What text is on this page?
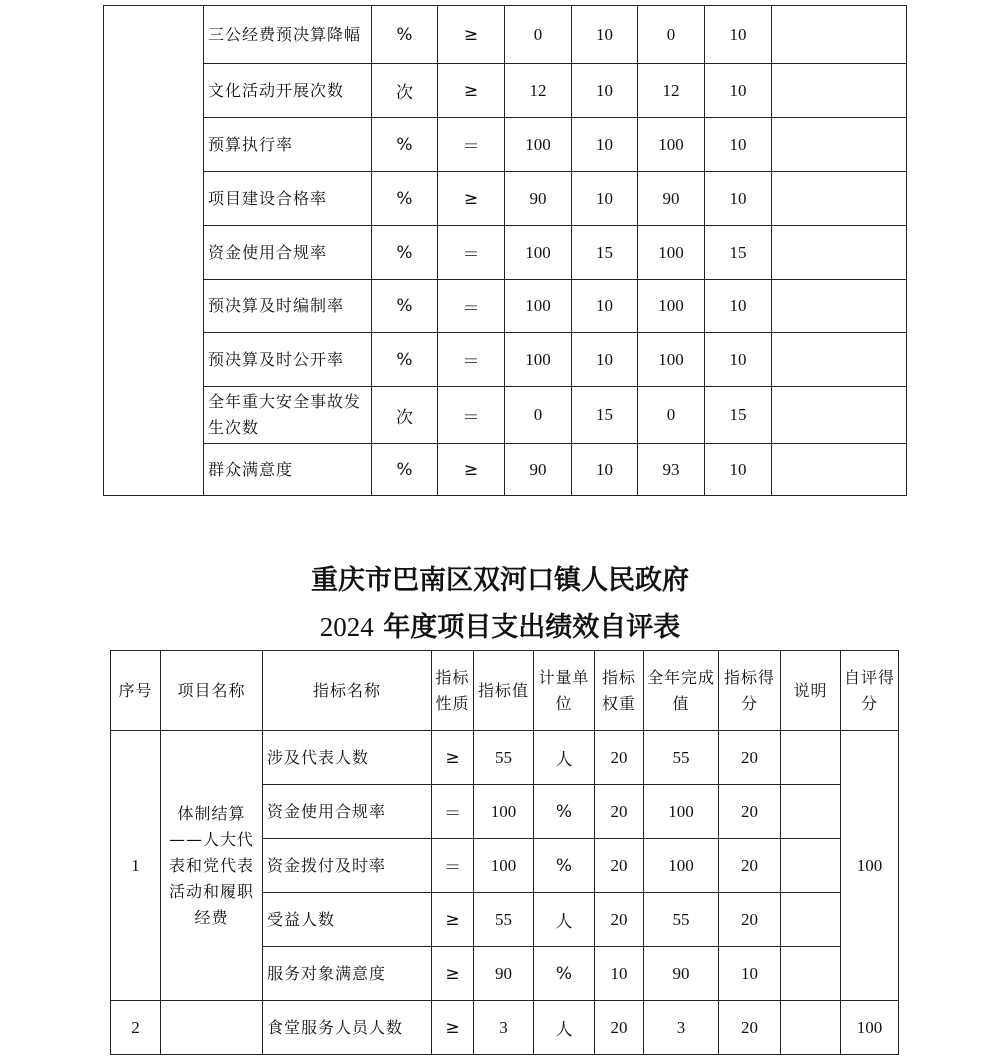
	三公经费预决算降幅	%	≥	0	10	0	10	
	文化活动开展次数	次	≥	12	10	12	10	
	预算执行率	%	＝	100	10	100	10	
	项目建设合格率	%	≥	90	10	90	10	
	资金使用合规率	%	＝	100	15	100	15	
	预决算及时编制率	%	＝	100	10	100	10	
	预决算及时公开率	%	＝	100	10	100	10	
	全年重大安全事故发生次数	次	＝	0	15	0	15	
	群众满意度	%	≥	90	10	93	10	
重庆市巴南区双河口镇人民政府
2024 年度项目支出绩效自评表
序号	项目名称	指标名称	指标性质	指标值	计量单位	指标权重	全年完成值	指标得分	说明	自评得分
1	体制结算——人大代表和党代表活动和履职经费	涉及代表人数	≥	55	人	20	55	20		100
		资金使用合规率	＝	100	%	20	100	20		
		资金拨付及时率	＝	100	%	20	100	20		
		受益人数	≥	55	人	20	55	20		
		服务对象满意度	≥	90	%	10	90	10		
2		食堂服务人员人数	≥	3	人	20	3	20		100
